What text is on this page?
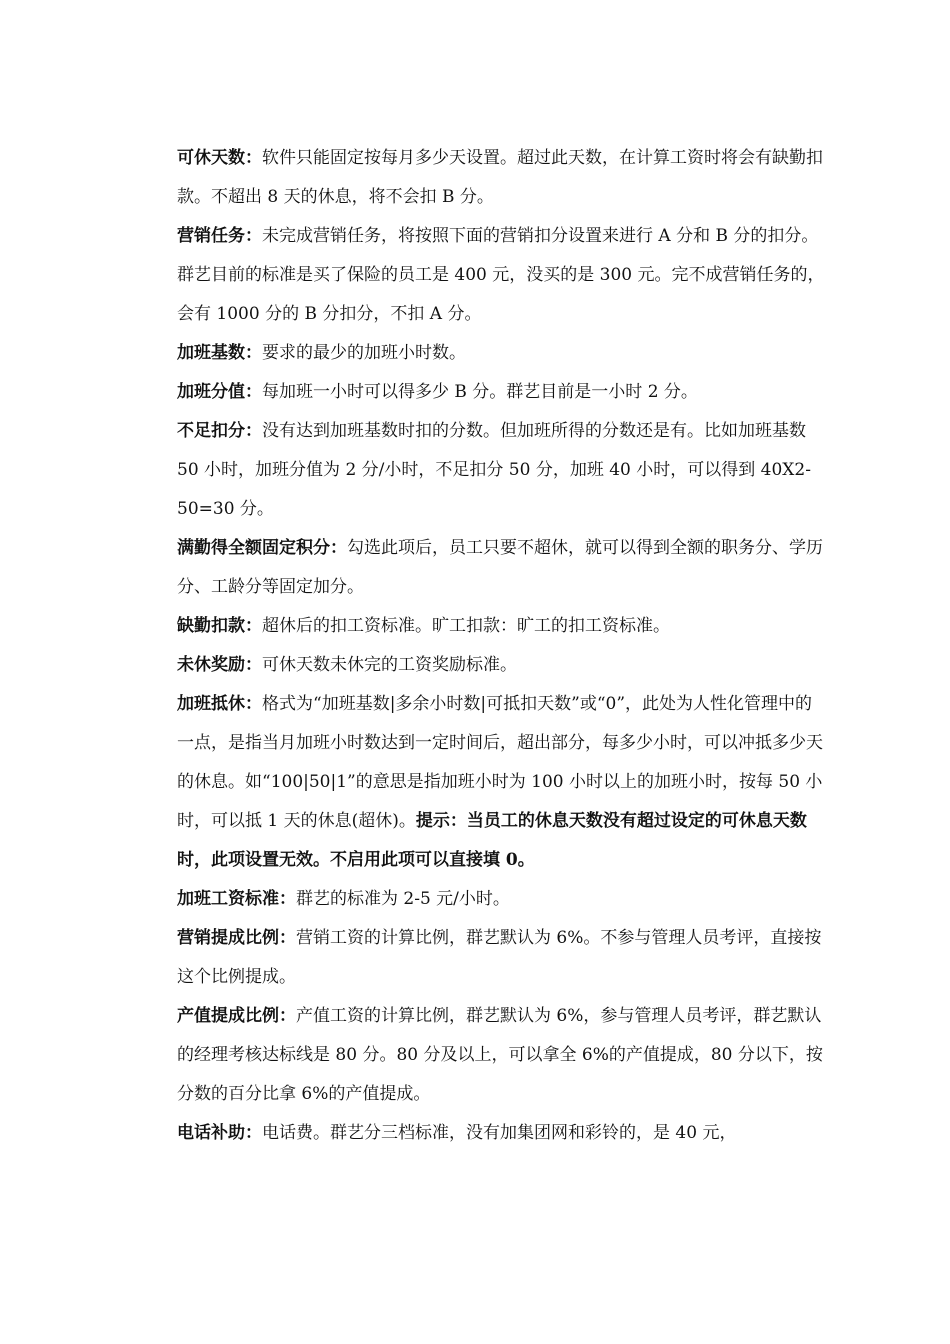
可休天数：软件只能固定按每月多少天设置。超过此天数，在计算工资时将会有缺勤扣款。不超出 8 天的休息，将不会扣 B 分。

营销任务：未完成营销任务，将按照下面的营销扣分设置来进行 A 分和 B 分的扣分。群艺目前的标准是买了保险的员工是 400 元，没买的是 300 元。完不成营销任务的，会有 1000 分的 B 分扣分，不扣 A 分。

加班基数：要求的最少的加班小时数。

加班分值：每加班一小时可以得多少 B 分。群艺目前是一小时 2 分。

不足扣分：没有达到加班基数时扣的分数。但加班所得的分数还是有。比如加班基数 50 小时，加班分值为 2 分/小时，不足扣分 50 分，加班 40 小时，可以得到 40X2-50=30 分。

满勤得全额固定积分：勾选此项后，员工只要不超休，就可以得到全额的职务分、学历分、工龄分等固定加分。

缺勤扣款：超休后的扣工资标准。旷工扣款：旷工的扣工资标准。

未休奖励：可休天数未休完的工资奖励标准。

加班抵休：格式为“加班基数|多余小时数|可抵扣天数”或“0”，此处为人性化管理中的一点，是指当月加班小时数达到一定时间后，超出部分，每多少小时，可以冲抵多少天的休息。如“100|50|1”的意思是指加班小时为 100 小时以上的加班小时，按每 50 小时，可以抵 1 天的休息(超休)。提示：当员工的休息天数没有超过设定的可休息天数时，此项设置无效。不启用此项可以直接填 0。

加班工资标准：群艺的标准为 2-5 元/小时。

营销提成比例：营销工资的计算比例，群艺默认为 6%。不参与管理人员考评，直接按这个比例提成。

产值提成比例：产值工资的计算比例，群艺默认为 6%，参与管理人员考评，群艺默认的经理考核达标线是 80 分。80 分及以上，可以拿全 6%的产值提成，80 分以下，按分数的百分比拿 6%的产值提成。

电话补助：电话费。群艺分三档标准，没有加集团网和彩铃的，是 40 元，
